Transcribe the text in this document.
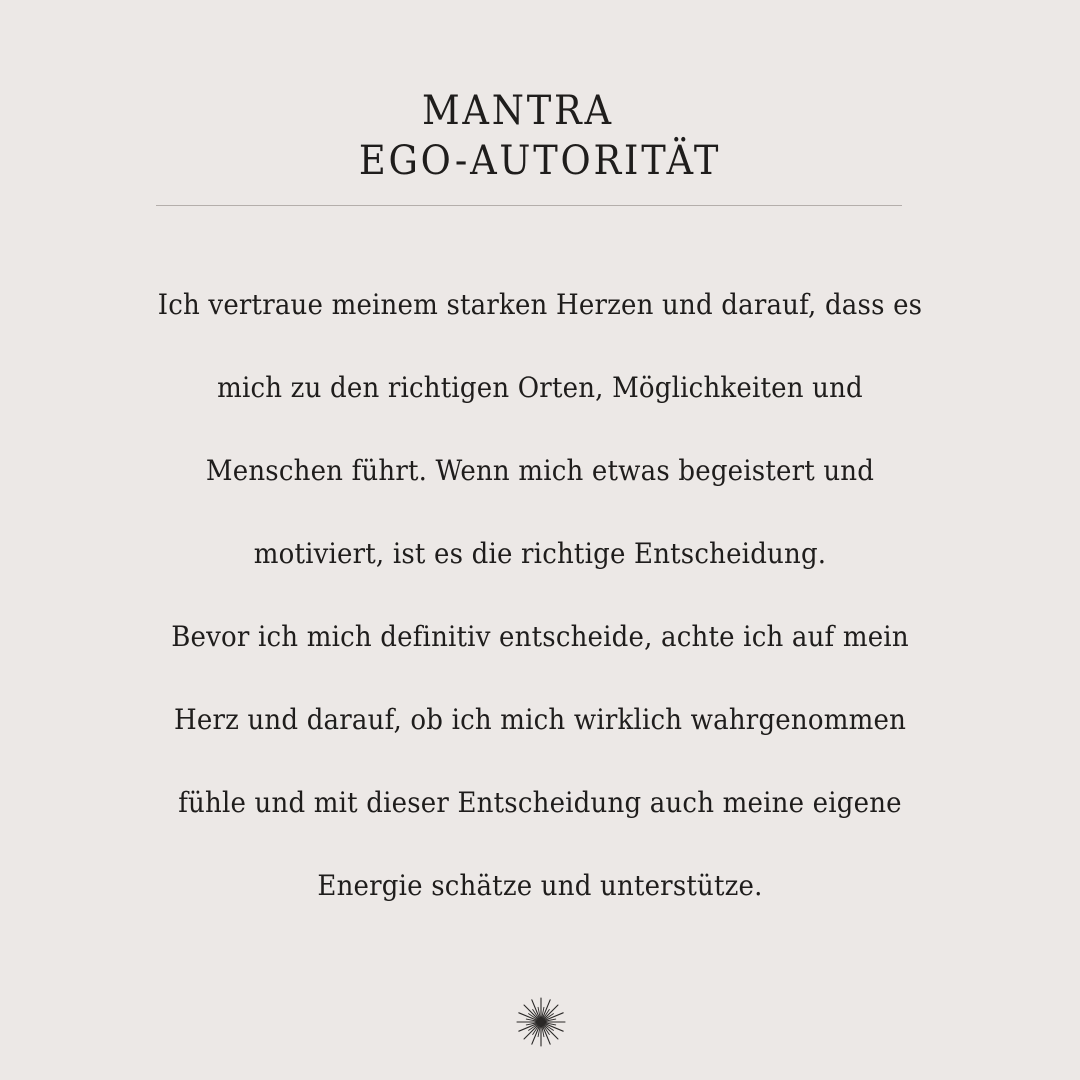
MANTRA
EGO-AUTORITÄT

Ich vertraue meinem starken Herzen und darauf, dass es
mich zu den richtigen Orten, Möglichkeiten und
Menschen führt. Wenn mich etwas begeistert und
motiviert, ist es die richtige Entscheidung.
Bevor ich mich definitiv entscheide, achte ich auf mein
Herz und darauf, ob ich mich wirklich wahrgenommen
fühle und mit dieser Entscheidung auch meine eigene
Energie schätze und unterstütze.
